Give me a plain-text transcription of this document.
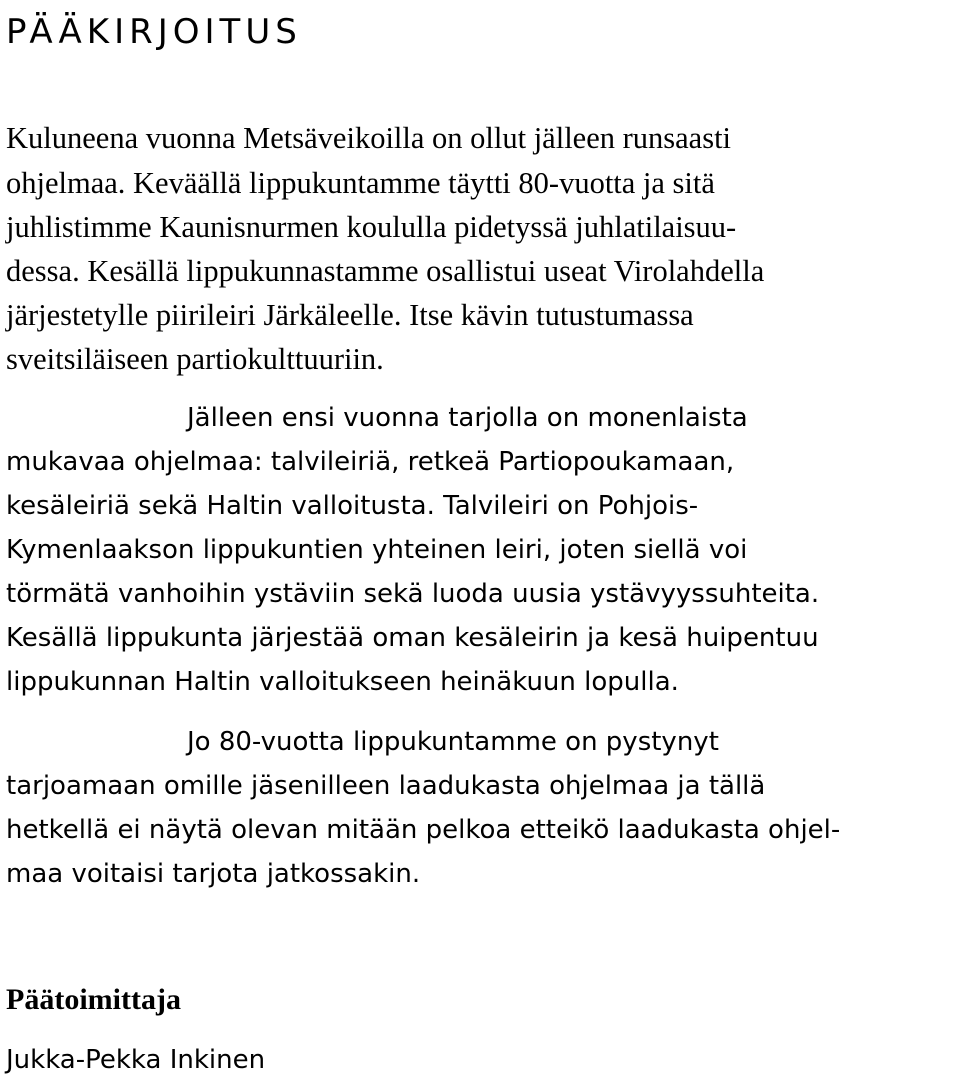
PÄÄKIRJOITUS

Kuluneena vuonna Metsäveikoilla on ollut jälleen runsaasti

ohjelmaa. Keväällä lippukuntamme täytti 80-vuotta ja sitä

juhlistimme Kaunisnurmen koululla pidetyssä juhlatilaisuu-

dessa. Kesällä lippukunnastamme osallistui useat Virolahdella

järjestetylle piirileiri Järkäleelle. Itse kävin tutustumassa

sveitsiläiseen partiokulttuuriin.

Jälleen ensi vuonna tarjolla on monenlaista

mukavaa ohjelmaa: talvileiriä, retkeä Partiopoukamaan,

kesäleiriä sekä Haltin valloitusta. Talvileiri on Pohjois-

Kymenlaakson lippukuntien yhteinen leiri, joten siellä voi

törmätä vanhoihin ystäviin sekä luoda uusia ystävyyssuhteita.

Kesällä lippukunta järjestää oman kesäleirin ja kesä huipentuu

lippukunnan Haltin valloitukseen heinäkuun lopulla.

Jo 80-vuotta lippukuntamme on pystynyt

tarjoamaan omille jäsenilleen laadukasta ohjelmaa ja tällä

hetkellä ei näytä olevan mitään pelkoa etteikö laadukasta ohjel-

maa voitaisi tarjota jatkossakin.

Päätoimittaja

Jukka-Pekka Inkinen
